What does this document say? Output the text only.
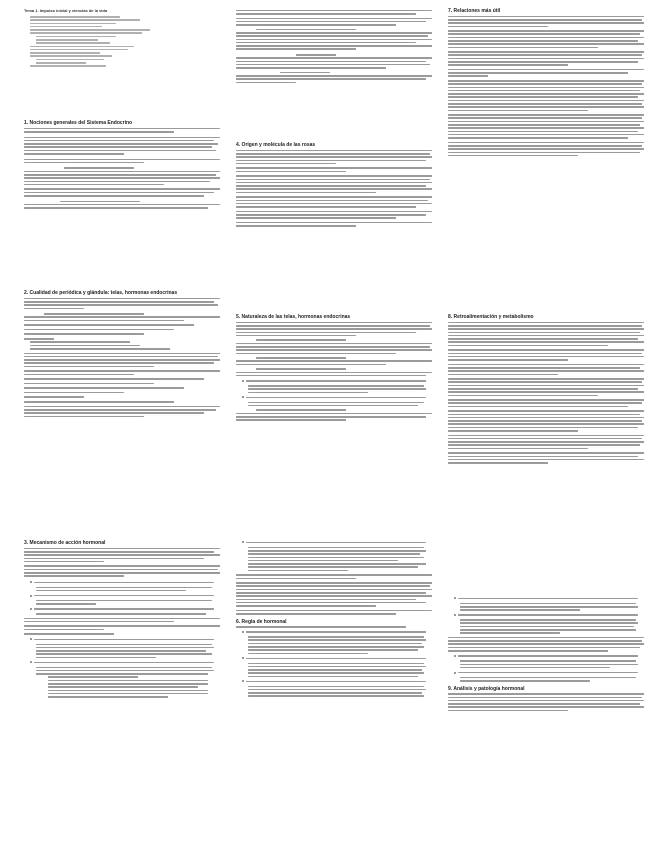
Tema 1. Impulso inicial y ciencias de la vida
1. Nociones generales del Sistema Endocrino
2. Cualidad de periódica y glándula: telas, hormonas endocrinas
3. Mecanismo de acción hormonal
4. Origen y molécula de las rosas
5. Naturaleza de las telas, hormonas endocrinas
6. Regla de hormonal
7. Relaciones más útil
8. Retroalimentación y metabolismo
9. Análisis y patología hormonal
